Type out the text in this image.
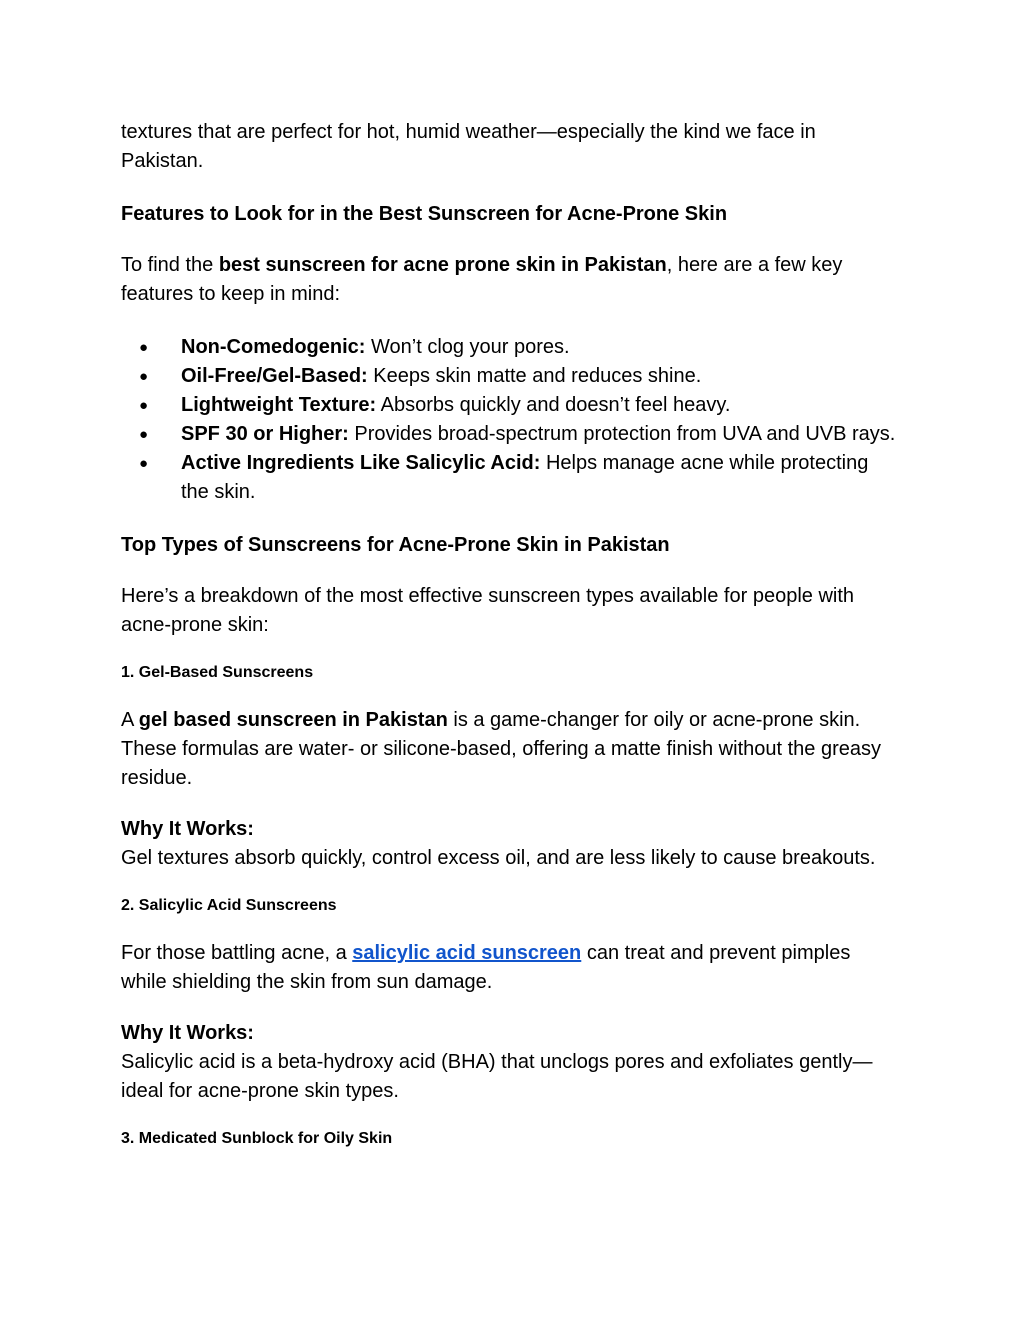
textures that are perfect for hot, humid weather—especially the kind we face in Pakistan.

Features to Look for in the Best Sunscreen for Acne-Prone Skin

To find the best sunscreen for acne prone skin in Pakistan, here are a few key features to keep in mind:

● Non-Comedogenic: Won’t clog your pores.
● Oil-Free/Gel-Based: Keeps skin matte and reduces shine.
● Lightweight Texture: Absorbs quickly and doesn’t feel heavy.
● SPF 30 or Higher: Provides broad-spectrum protection from UVA and UVB rays.
● Active Ingredients Like Salicylic Acid: Helps manage acne while protecting the skin.

Top Types of Sunscreens for Acne-Prone Skin in Pakistan

Here’s a breakdown of the most effective sunscreen types available for people with acne-prone skin:

1. Gel-Based Sunscreens

A gel based sunscreen in Pakistan is a game-changer for oily or acne-prone skin. These formulas are water- or silicone-based, offering a matte finish without the greasy residue.

Why It Works:
Gel textures absorb quickly, control excess oil, and are less likely to cause breakouts.

2. Salicylic Acid Sunscreens

For those battling acne, a salicylic acid sunscreen can treat and prevent pimples while shielding the skin from sun damage.

Why It Works:
Salicylic acid is a beta-hydroxy acid (BHA) that unclogs pores and exfoliates gently—ideal for acne-prone skin types.

3. Medicated Sunblock for Oily Skin
